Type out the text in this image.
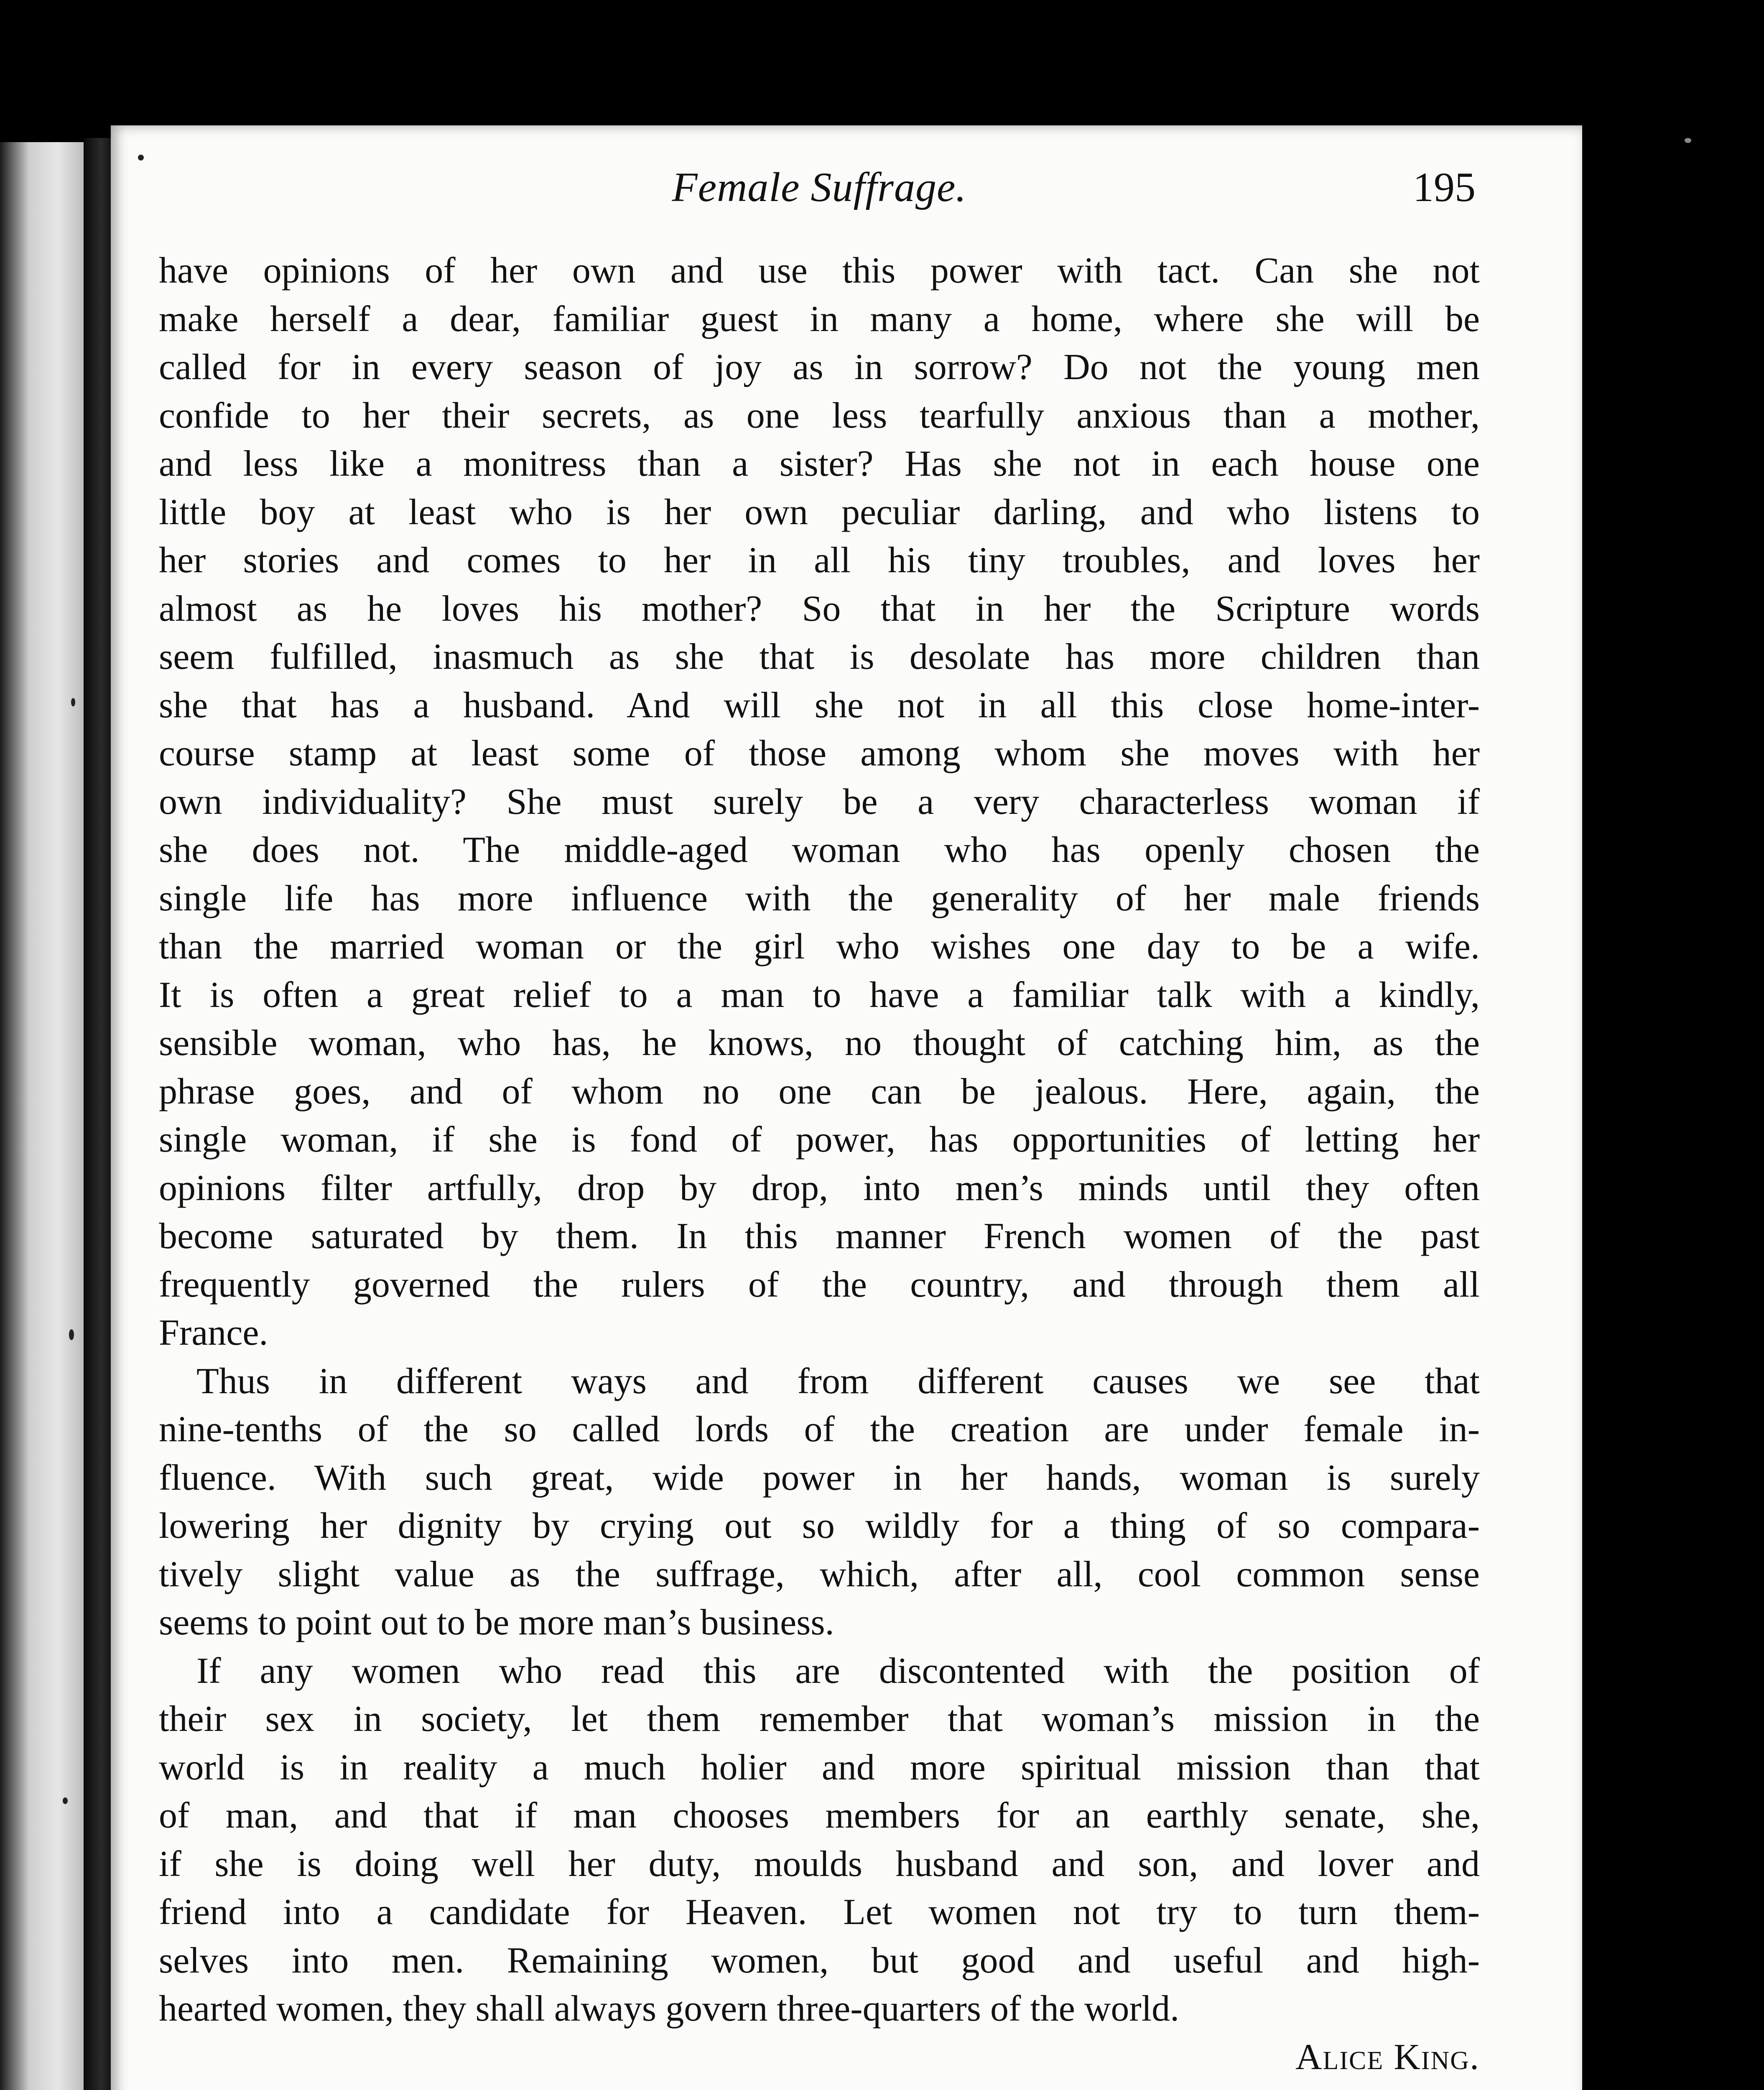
Female Suffrage.	195
have opinions of her own and use this power with tact. Can she not
make herself a dear, familiar guest in many a home, where she will be
called for in every season of joy as in sorrow? Do not the young men
confide to her their secrets, as one less tearfully anxious than a mother,
and less like a monitress than a sister? Has she not in each house one
little boy at least who is her own peculiar darling, and who listens to
her stories and comes to her in all his tiny troubles, and loves her
almost as he loves his mother? So that in her the Scripture words
seem fulfilled, inasmuch as she that is desolate has more children than
she that has a husband. And will she not in all this close home-inter-
course stamp at least some of those among whom she moves with her
own individuality? She must surely be a very characterless woman if
she does not. The middle-aged woman who has openly chosen the
single life has more influence with the generality of her male friends
than the married woman or the girl who wishes one day to be a wife.
It is often a great relief to a man to have a familiar talk with a kindly,
sensible woman, who has, he knows, no thought of catching him, as the
phrase goes, and of whom no one can be jealous. Here, again, the
single woman, if she is fond of power, has opportunities of letting her
opinions filter artfully, drop by drop, into men’s minds until they often
become saturated by them. In this manner French women of the past
frequently governed the rulers of the country, and through them all
France.
Thus in different ways and from different causes we see that
nine-tenths of the so called lords of the creation are under female in-
fluence. With such great, wide power in her hands, woman is surely
lowering her dignity by crying out so wildly for a thing of so compara-
tively slight value as the suffrage, which, after all, cool common sense
seems to point out to be more man’s business.
If any women who read this are discontented with the position of
their sex in society, let them remember that woman’s mission in the
world is in reality a much holier and more spiritual mission than that
of man, and that if man chooses members for an earthly senate, she,
if she is doing well her duty, moulds husband and son, and lover and
friend into a candidate for Heaven. Let women not try to turn them-
selves into men. Remaining women, but good and useful and high-
hearted women, they shall always govern three-quarters of the world.
Alice King.
